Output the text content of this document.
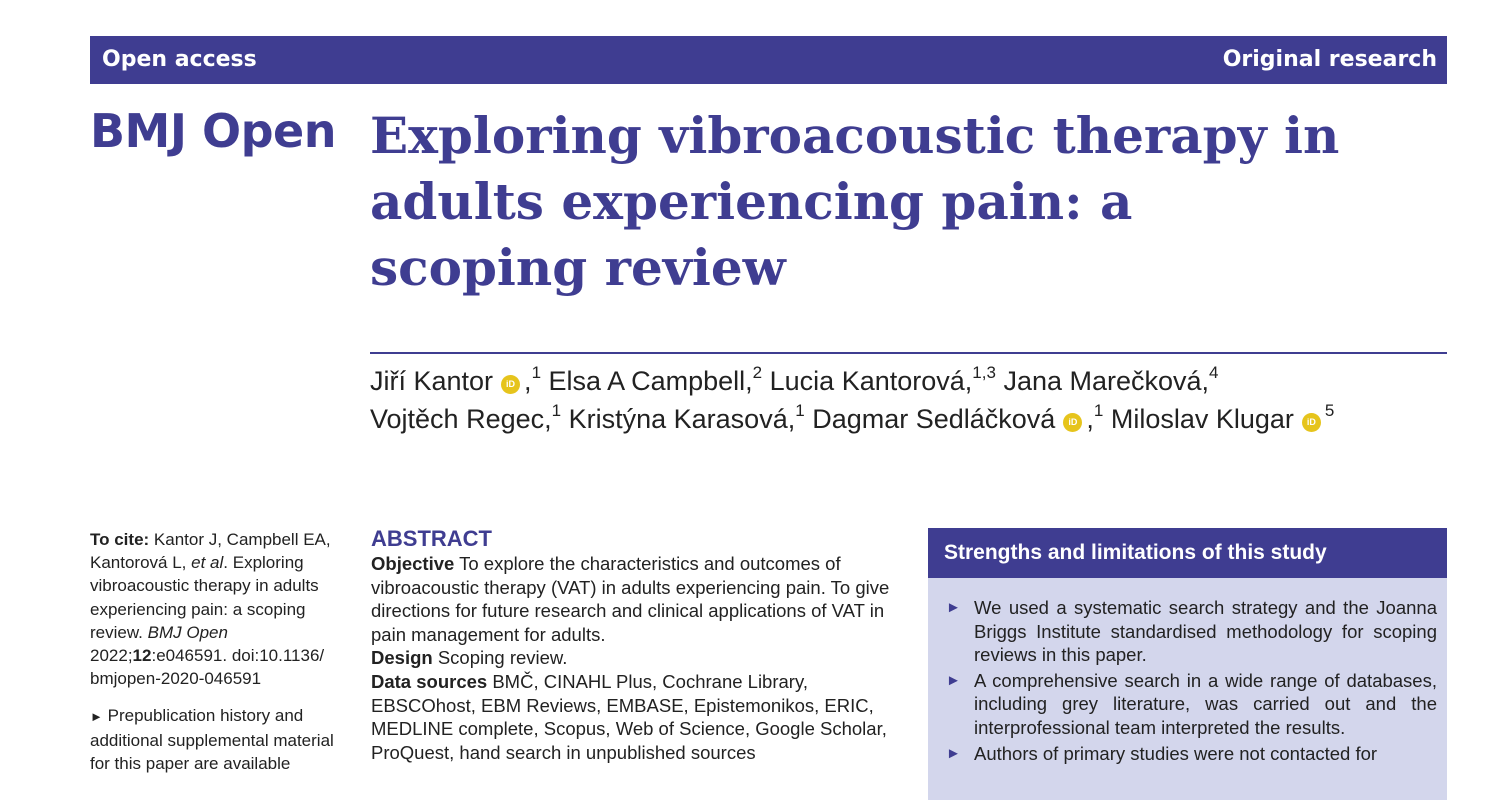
Open access	Original research
BMJ Open Exploring vibroacoustic therapy in
adults experiencing pain: a
scoping review
Jiří Kantor iD ,$^1$ Elsa A Campbell,$^2$ Lucia Kantorová,$^{1,3}$ Jana Marečková,$^4$
Vojtěch Regec,$^1$ Kristýna Karasová,$^1$ Dagmar Sedláčková iD ,$^1$ Miloslav Klugar $iD^5$

To cite: Kantor J, Campbell EA, Kantorová L, et al. Exploring vibroacoustic therapy in adults experiencing pain: a scoping review. BMJ Open 2022;12:e046591. doi:10.1136/ bmjopen-2020-046591

► Prepublication history and additional supplemental material for this paper are available

ABSTRACT

Objective To explore the characteristics and outcomes of vibroacoustic therapy (VAT) in adults experiencing pain. To give directions for future research and clinical applications of VAT in pain management for adults.

Design Scoping review.

Data sources BMČ, CINAHL Plus, Cochrane Library, EBSCOhost, EBM Reviews, EMBASE, Epistemonikos, ERIC, MEDLINE complete, Scopus, Web of Science, Google Scholar, ProQuest, hand search in unpublished sources

Strengths and limitations of this study
► We used a systematic search strategy and the Joanna Briggs Institute standardised methodology for scoping reviews in this paper.
► A comprehensive search in a wide range of databases, including grey literature, was carried out and the interprofessional team interpreted the results.
► Authors of primary studies were not contacted for
